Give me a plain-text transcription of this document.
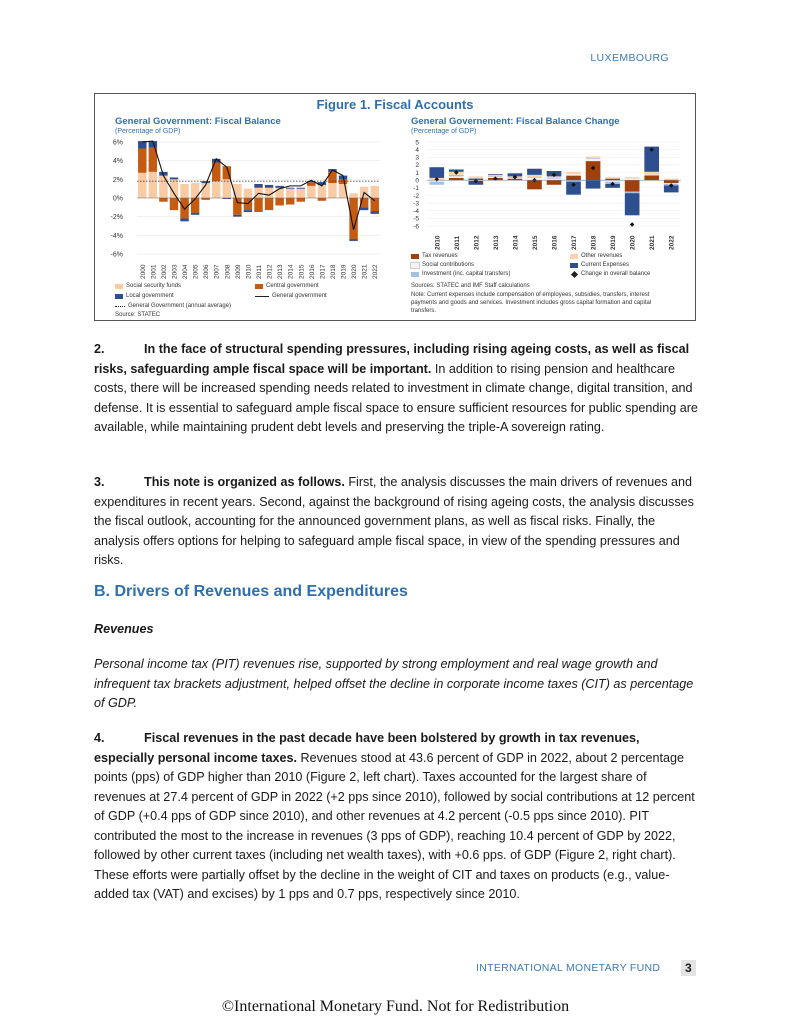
LUXEMBOURG
Figure 1. Fiscal Accounts
General Government: Fiscal Balance
(Percentage of GDP)
6%
4%
2%
0%
-2%
-4%
-6%
2000 2001 2002 2003 2004 2005 2006 2007 2008 2009 2010 2011 2012 2013 2014 2015 2016 2017 2018 2019 2020 2021 2022
Social security funds	Central government
Local government	General government
General Government (annual average)
Source: STATEC
General Governement: Fiscal Balance Change
(Percentage of GDP)
5
4
3
2
1
0
-1
-2
-3
-4
-5
-6
2010 2011 2012 2013 2014 2015 2016 2017 2018 2019 2020 2021 2022
Tax revenues	Other revenues
Social contributions	Current Expenses
Investment (inc. capital transfers)	Change in overall balance
Sources: STATEC and IMF Staff calculations
Note: Current expenses include compensation of employees, subsidies, transfers, interest
payments and goods and services. Investment includes gross capital formation and capital
transfers.

2.	In the face of structural spending pressures, including rising ageing costs, as well as fiscal risks, safeguarding ample fiscal space will be important. In addition to rising pension and healthcare costs, there will be increased spending needs related to investment in climate change, digital transition, and defense. It is essential to safeguard ample fiscal space to ensure sufficient resources for public spending are available, while maintaining prudent debt levels and preserving the triple-A sovereign rating.

3.	This note is organized as follows. First, the analysis discusses the main drivers of revenues and expenditures in recent years. Second, against the background of rising ageing costs, the analysis discusses the fiscal outlook, accounting for the announced government plans, as well as fiscal risks. Finally, the analysis offers options for helping to safeguard ample fiscal space, in view of the spending pressures and risks.

B. Drivers of Revenues and Expenditures
Revenues

Personal income tax (PIT) revenues rise, supported by strong employment and real wage growth and infrequent tax brackets adjustment, helped offset the decline in corporate income taxes (CIT) as percentage of GDP.

4.	Fiscal revenues in the past decade have been bolstered by growth in tax revenues, especially personal income taxes. Revenues stood at 43.6 percent of GDP in 2022, about 2 percentage points (pps) of GDP higher than 2010 (Figure 2, left chart). Taxes accounted for the largest share of revenues at 27.4 percent of GDP in 2022 (+2 pps since 2010), followed by social contributions at 12 percent of GDP (+0.4 pps of GDP since 2010), and other revenues at 4.2 percent (-0.5 pps since 2010). PIT contributed the most to the increase in revenues (3 pps of GDP), reaching 10.4 percent of GDP by 2022, followed by other current taxes (including net wealth taxes), with +0.6 pps. of GDP (Figure 2, right chart). These efforts were partially offset by the decline in the weight of CIT and taxes on products (e.g., value-added tax (VAT) and excises) by 1 pps and 0.7 pps, respectively since 2010.

INTERNATIONAL MONETARY FUND	3
©International Monetary Fund. Not for Redistribution
